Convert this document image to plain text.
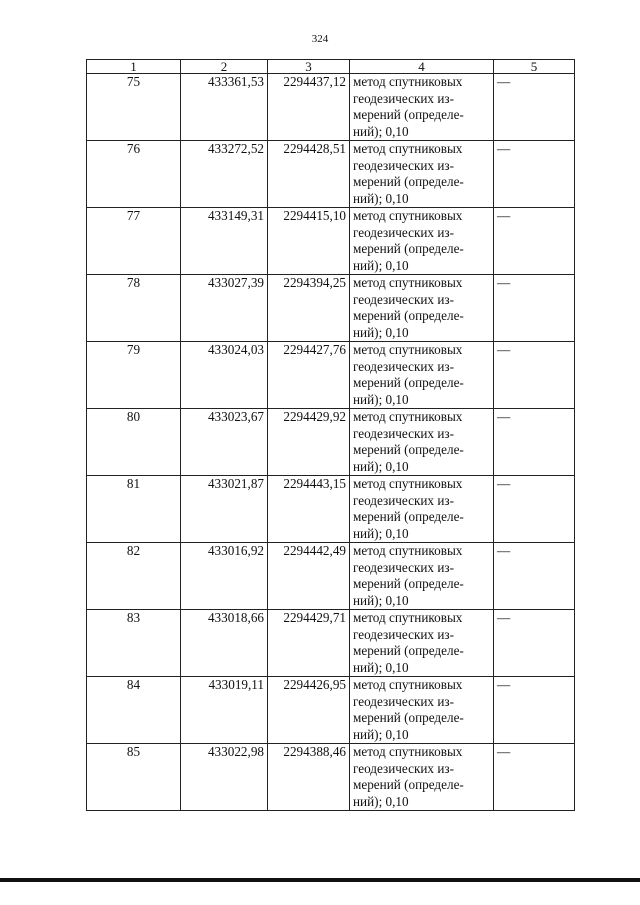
324
1	2	3	4	5
75	433361,53	2294437,12	метод спутниковых геодезических из-мерений (определе-ний); 0,10	—
76	433272,52	2294428,51	метод спутниковых геодезических из-мерений (определе-ний); 0,10	—
77	433149,31	2294415,10	метод спутниковых геодезических из-мерений (определе-ний); 0,10	—
78	433027,39	2294394,25	метод спутниковых геодезических из-мерений (определе-ний); 0,10	—
79	433024,03	2294427,76	метод спутниковых геодезических из-мерений (определе-ний); 0,10	—
80	433023,67	2294429,92	метод спутниковых геодезических из-мерений (определе-ний); 0,10	—
81	433021,87	2294443,15	метод спутниковых геодезических из-мерений (определе-ний); 0,10	—
82	433016,92	2294442,49	метод спутниковых геодезических из-мерений (определе-ний); 0,10	—
83	433018,66	2294429,71	метод спутниковых геодезических из-мерений (определе-ний); 0,10	—
84	433019,11	2294426,95	метод спутниковых геодезических из-мерений (определе-ний); 0,10	—
85	433022,98	2294388,46	метод спутниковых геодезических из-мерений (определе-ний); 0,10	—
